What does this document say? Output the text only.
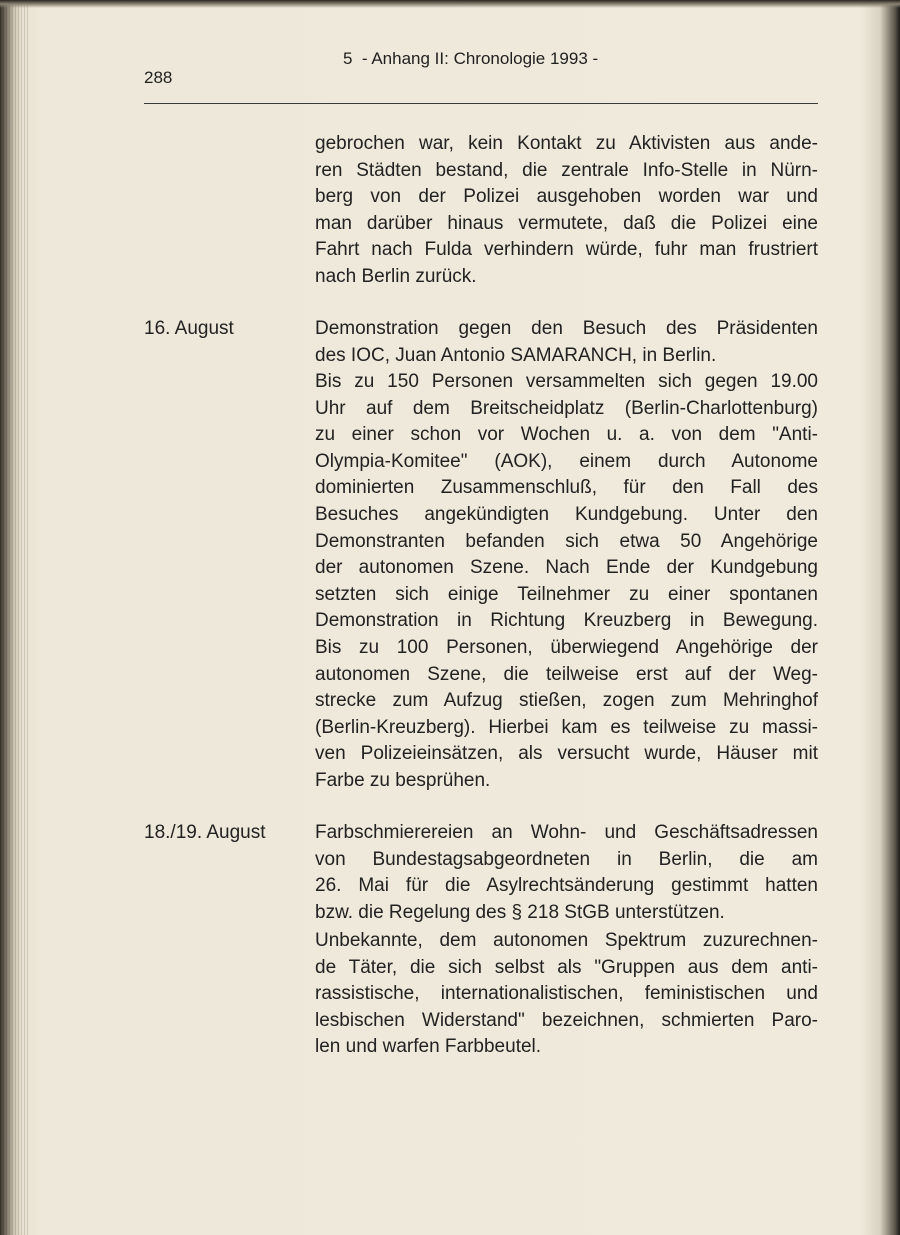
288
5  - Anhang II: Chronologie 1993 -
gebrochen war, kein Kontakt zu Aktivisten aus ande-
ren Städten bestand, die zentrale Info-Stelle in Nürn-
berg von der Polizei ausgehoben worden war und
man darüber hinaus vermutete, daß die Polizei eine
Fahrt nach Fulda verhindern würde, fuhr man frustriert
nach Berlin zurück.
16. August	Demonstration gegen den Besuch des Präsidenten
des IOC, Juan Antonio SAMARANCH, in Berlin.
Bis zu 150 Personen versammelten sich gegen 19.00
Uhr auf dem Breitscheidplatz (Berlin-Charlottenburg)
zu einer schon vor Wochen u. a. von dem "Anti-
Olympia-Komitee" (AOK), einem durch Autonome
dominierten Zusammenschluß, für den Fall des
Besuches angekündigten Kundgebung. Unter den
Demonstranten befanden sich etwa 50 Angehörige
der autonomen Szene. Nach Ende der Kundgebung
setzten sich einige Teilnehmer zu einer spontanen
Demonstration in Richtung Kreuzberg in Bewegung.
Bis zu 100 Personen, überwiegend Angehörige der
autonomen Szene, die teilweise erst auf der Weg-
strecke zum Aufzug stießen, zogen zum Mehringhof
(Berlin-Kreuzberg). Hierbei kam es teilweise zu massi-
ven Polizeieinsätzen, als versucht wurde, Häuser mit
Farbe zu besprühen.
18./19. August	Farbschmierereien an Wohn- und Geschäftsadressen
von Bundestagsabgeordneten in Berlin, die am
26. Mai für die Asylrechtsänderung gestimmt hatten
bzw. die Regelung des § 218 StGB unterstützen.
Unbekannte, dem autonomen Spektrum zuzurechnen-
de Täter, die sich selbst als "Gruppen aus dem anti-
rassistische, internationalistischen, feministischen und
lesbischen Widerstand" bezeichnen, schmierten Paro-
len und warfen Farbbeutel.
